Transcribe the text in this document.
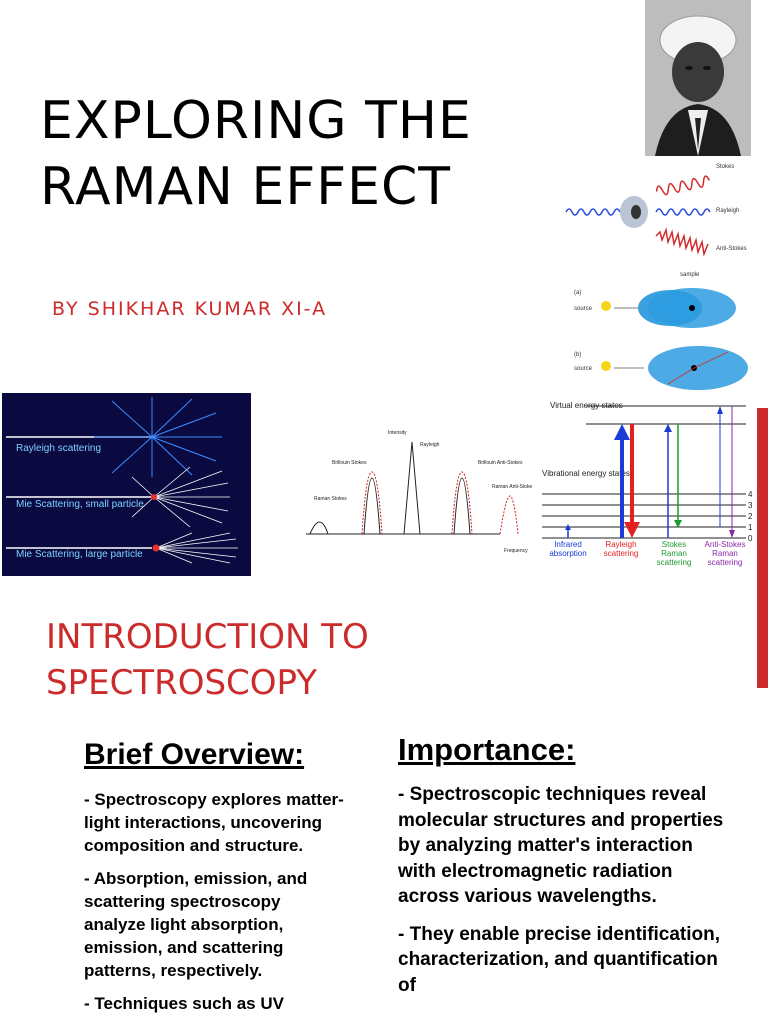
EXPLORING THE
RAMAN EFFECT
BY SHIKHAR KUMAR XI-A
Stokes
Rayleigh
Anti-Stokes
sample
(a)
source
(b)
source
Rayleigh scattering
Mie Scattering, small particle
Mie Scattering, large particle
Intensity
Rayleigh
Brillouin Stokes	Brillouin Anti-Stokes
Raman Stokes
Raman Anti-Stokes
Frequency
Virtual energy states
Vibrational energy states
4
3
2
1
0
Infrared absorption
Rayleigh scattering
Stokes Raman scattering
Anti-Stokes Raman scattering
INTRODUCTION TO
SPECTROSCOPY
Brief Overview:

- Spectroscopy explores matter-light interactions, uncovering composition and structure.

- Absorption, emission, and scattering spectroscopy analyze light absorption, emission, and scattering patterns, respectively.

- Techniques such as UV

Importance:

- Spectroscopic techniques reveal molecular structures and properties by analyzing matter's interaction with electromagnetic radiation across various wavelengths.

- They enable precise identification, characterization, and quantification of
